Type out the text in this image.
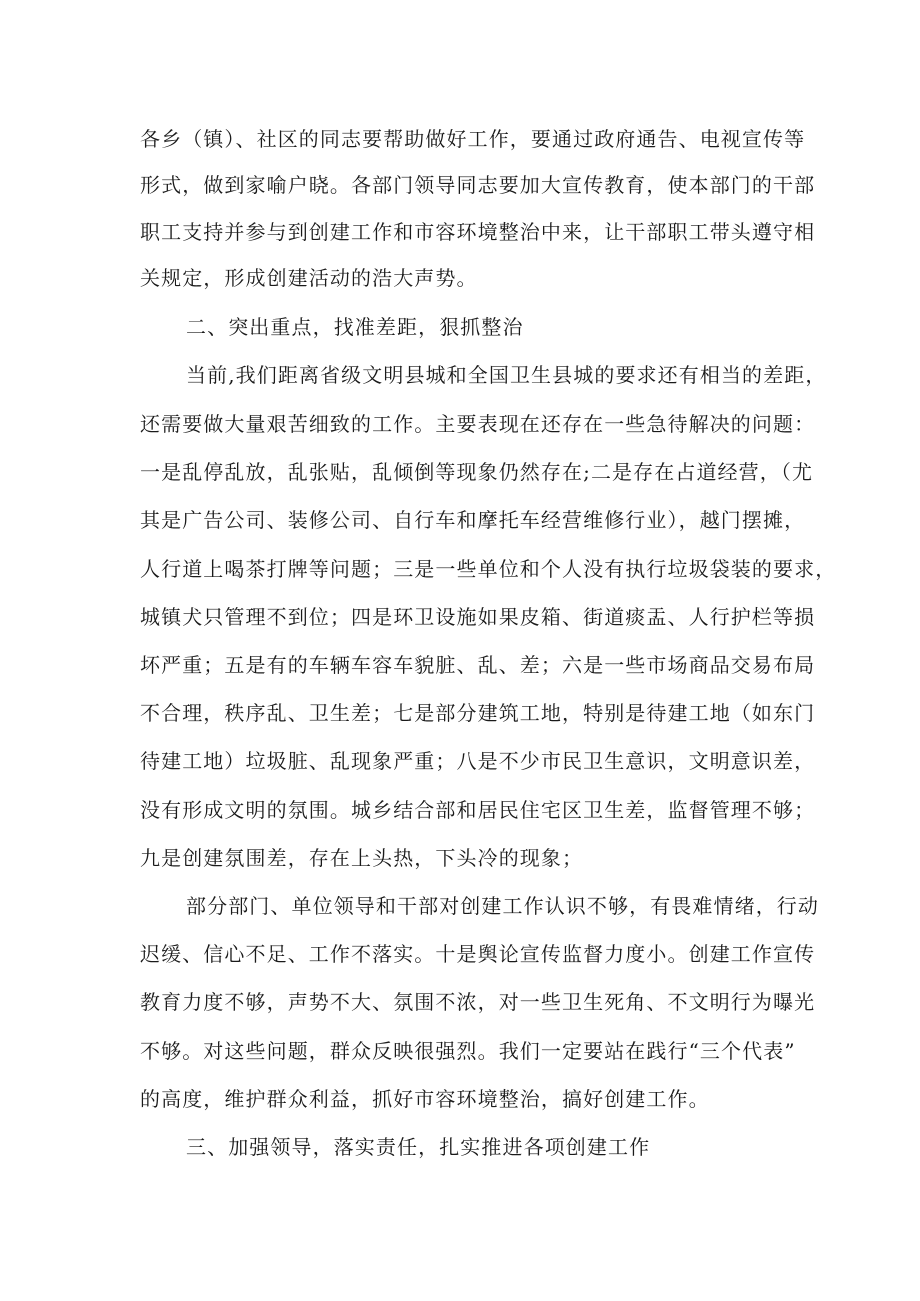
各乡（镇）、社区的同志要帮助做好工作，要通过政府通告、电视宣传等
形式，做到家喻户晓。各部门领导同志要加大宣传教育，使本部门的干部
职工支持并参与到创建工作和市容环境整治中来，让干部职工带头遵守相
关规定，形成创建活动的浩大声势。
二、突出重点，找准差距，狠抓整治
当前,我们距离省级文明县城和全国卫生县城的要求还有相当的差距，
还需要做大量艰苦细致的工作。主要表现在还存在一些急待解决的问题：
一是乱停乱放，乱张贴，乱倾倒等现象仍然存在;二是存在占道经营，（尤
其是广告公司、装修公司、自行车和摩托车经营维修行业），越门摆摊，
人行道上喝茶打牌等问题；三是一些单位和个人没有执行垃圾袋装的要求，
城镇犬只管理不到位；四是环卫设施如果皮箱、街道痰盂、人行护栏等损
坏严重；五是有的车辆车容车貌脏、乱、差；六是一些市场商品交易布局
不合理，秩序乱、卫生差；七是部分建筑工地，特别是待建工地（如东门
待建工地）垃圾脏、乱现象严重；八是不少市民卫生意识，文明意识差，
没有形成文明的氛围。城乡结合部和居民住宅区卫生差，监督管理不够；
九是创建氛围差，存在上头热，下头冷的现象；
部分部门、单位领导和干部对创建工作认识不够，有畏难情绪，行动
迟缓、信心不足、工作不落实。十是舆论宣传监督力度小。创建工作宣传
教育力度不够，声势不大、氛围不浓，对一些卫生死角、不文明行为曝光
不够。对这些问题，群众反映很强烈。我们一定要站在践行“三个代表”
的高度，维护群众利益，抓好市容环境整治，搞好创建工作。
三、加强领导，落实责任，扎实推进各项创建工作
